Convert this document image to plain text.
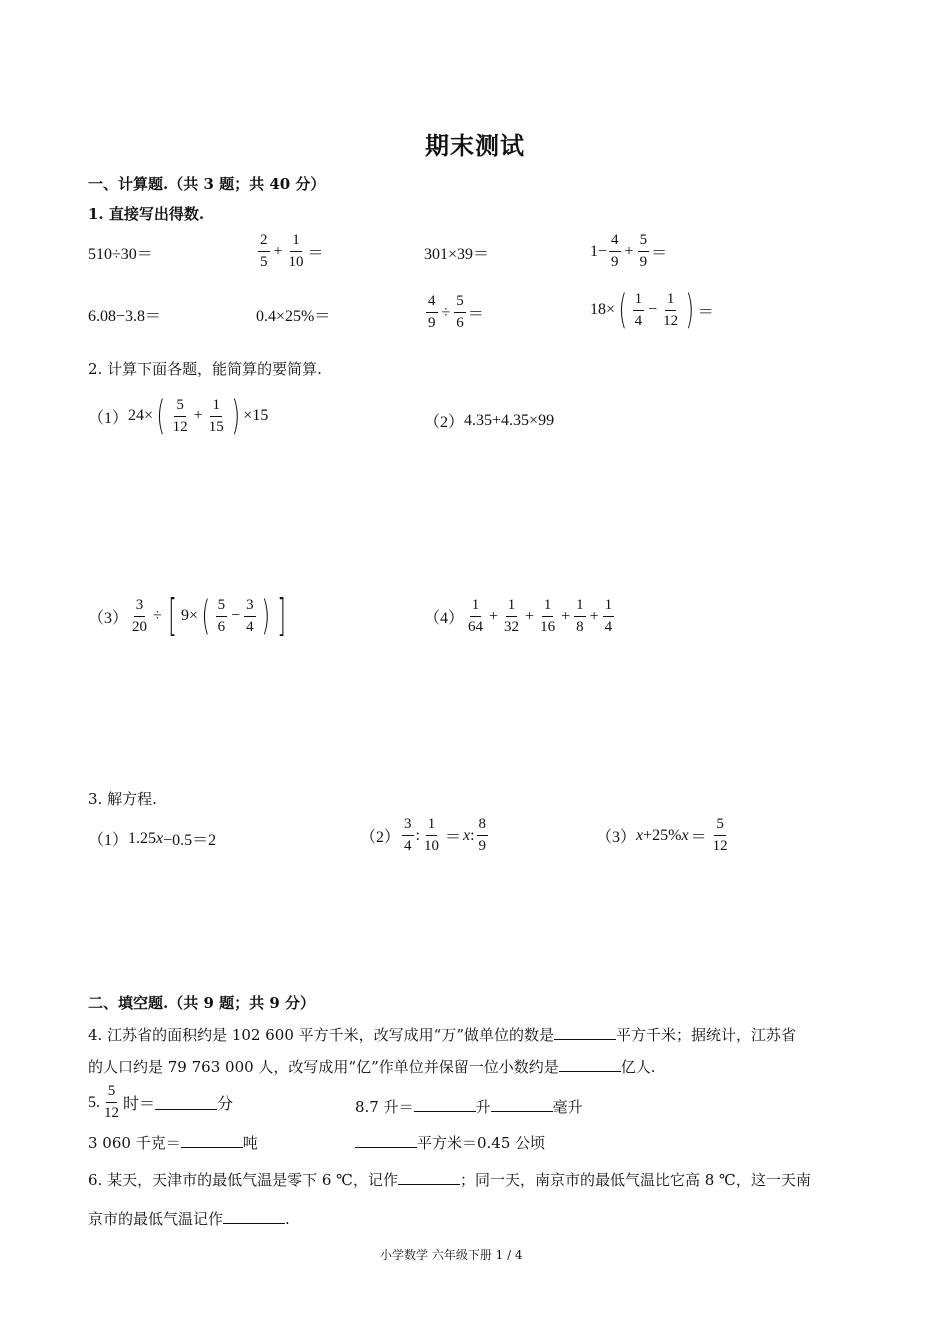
期末测试
一、计算题.（共 3 题；共 40 分）
1. 直接写出得数.
510÷30＝	$\frac{2}{5} + \frac{1}{10}$ ＝	301×39＝	$1- \frac{4}{9} + \frac{5}{9}$ ＝
6.08−3.8＝	0.4×25%＝	$\frac{4}{9} \div \frac{5}{6}$ ＝	18× ( $\frac{1}{4} - \frac{1}{12}$ ) ＝
2. 计算下面各题，能简算的要简算.
（1） 24× ( $\frac{5}{12} + \frac{1}{15}$ ) ×15	（2） 4.35+4.35×99
$(3) \frac{3}{20}$ ÷ [ 9× ( $\frac{5}{6} - \frac{3}{4}$ ) ]	$(4) \frac{1}{64} + \frac{1}{32} + \frac{1}{16} + \frac{1}{8} + \frac{1}{4}$
3. 解方程.
（1） 1.25 x −0.5＝2	$(2) \frac{3}{4}$ : $\frac{1}{10} = x$ : $\frac{8}{9}$	（3） x +25% $x = \frac{5}{12}$
二、填空题.（共 9 题；共 9 分）
4. 江苏省的面积约是 102 600 平方千米，改写成用“万”做单位的数是	平方千米；据统计，江苏省
的人口约是 79 763 000 人，改写成用“亿”作单位并保留一位小数约是	亿人.
5. $\frac{5}{12}$ 时＝	分	8.7 升＝	升	毫升
3 060 千克＝	吨	平方米＝0.45 公顷
6. 某天，天津市的最低气温是零下 6 ℃，记作	；同一天，南京市的最低气温比它高 8 ℃，这一天南
京市的最低气温记作	.
小学数学 六年级下册 1 / 4
